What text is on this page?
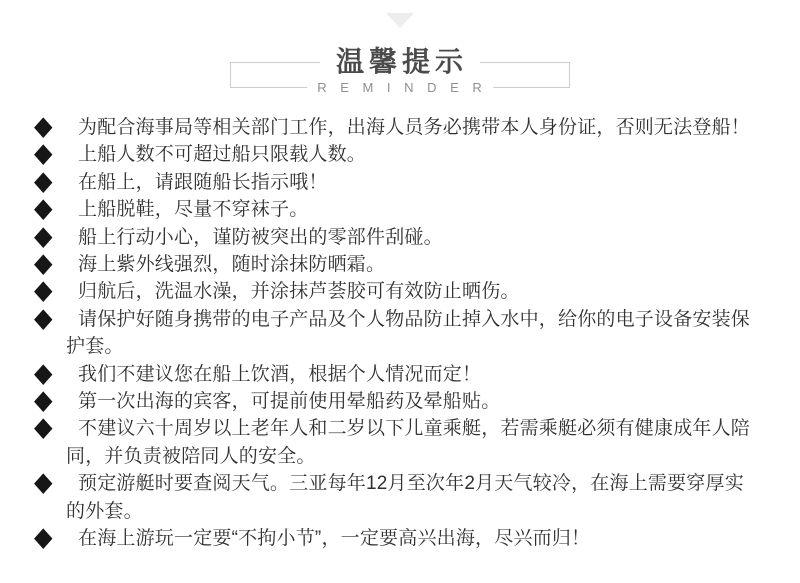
温馨提示
R E M I N D E R
为配合海事局等相关部门工作，出海人员务必携带本人身份证，否则无法登船！
上船人数不可超过船只限载人数。
在船上，请跟随船长指示哦！
上船脱鞋，尽量不穿袜子。
船上行动小心，谨防被突出的零部件刮碰。
海上紫外线强烈，随时涂抹防晒霜。
归航后，洗温水澡，并涂抹芦荟胶可有效防止晒伤。
请保护好随身携带的电子产品及个人物品防止掉入水中，给你的电子设备安装保护套。
我们不建议您在船上饮酒，根据个人情况而定！
第一次出海的宾客，可提前使用晕船药及晕船贴。
不建议六十周岁以上老年人和二岁以下儿童乘艇，若需乘艇必须有健康成年人陪同，并负责被陪同人的安全。
预定游艇时要查阅天气。三亚每年12月至次年2月天气较冷，在海上需要穿厚实的外套。
在海上游玩一定要“不拘小节”，一定要高兴出海，尽兴而归！
